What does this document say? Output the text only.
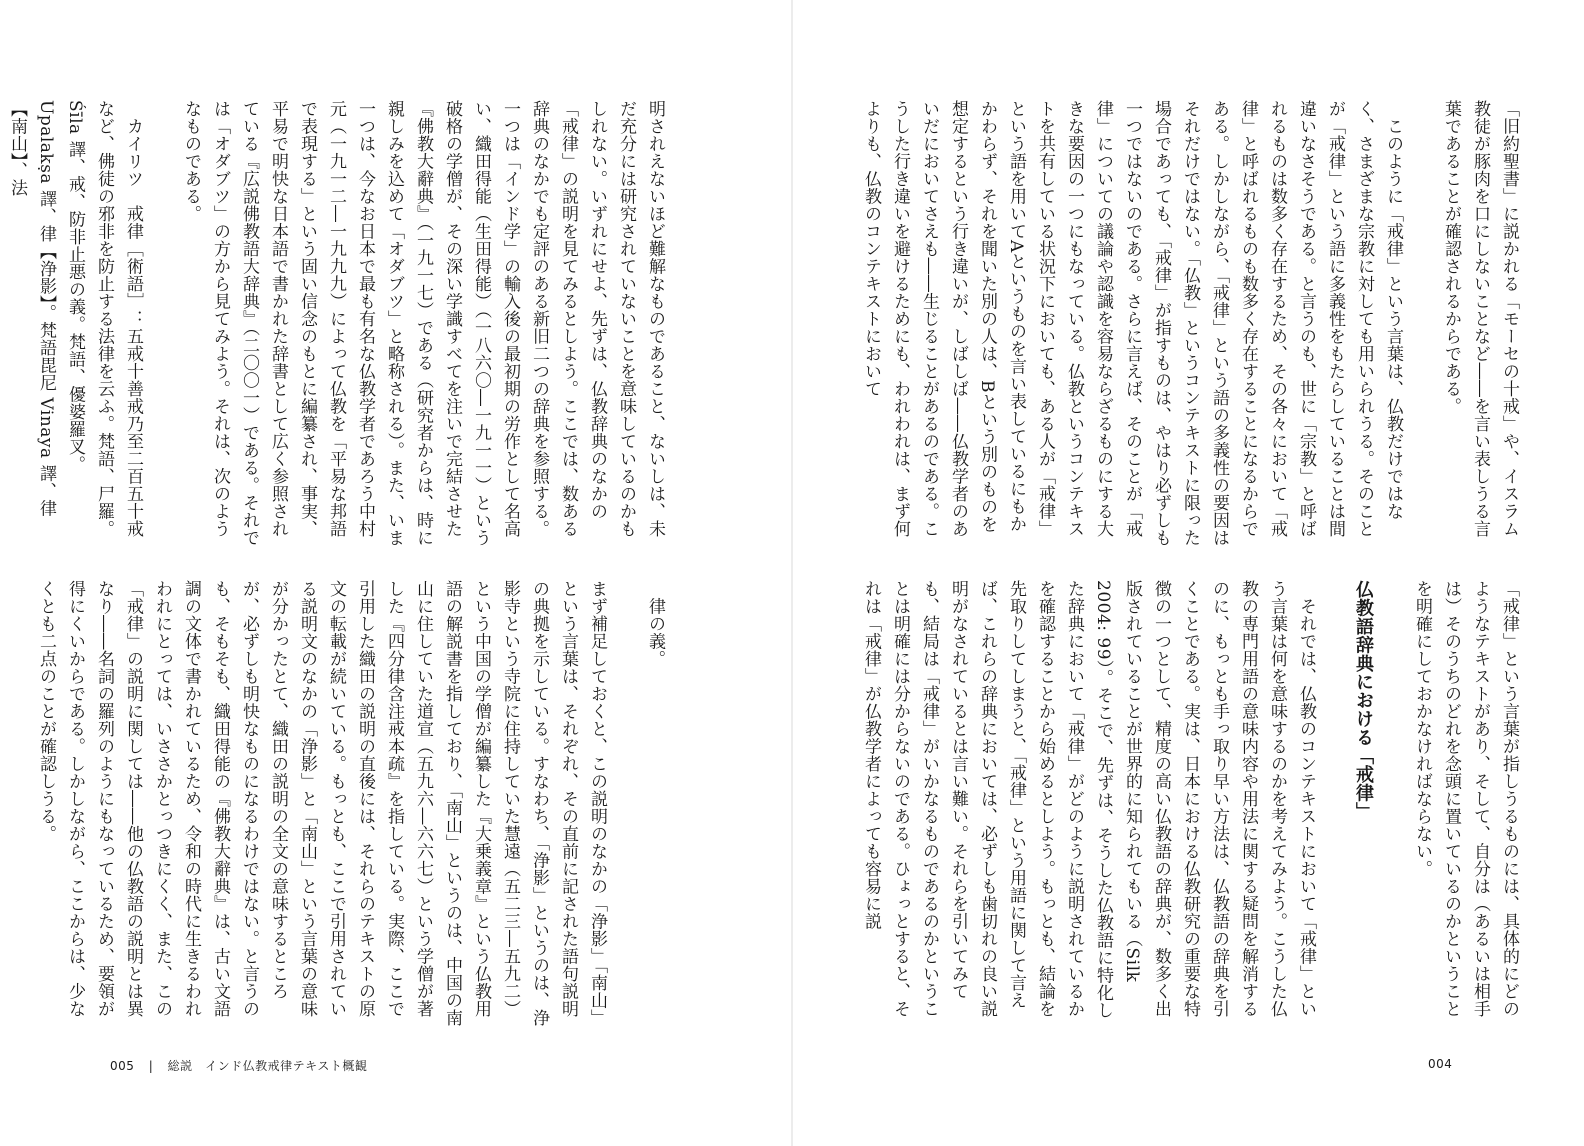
「旧約聖書」に説かれる「モーセの十戒」や、イスラム教徒が豚肉を口にしないことなど――を言い表しうる言葉であることが確認されるからである。

　このように「戒律」という言葉は、仏教だけではなく、さまざまな宗教に対しても用いられうる。そのことが「戒律」という語に多義性をもたらしていることは間違いなさそうである。と言うのも、世に「宗教」と呼ばれるものは数多く存在するため、その各々において「戒律」と呼ばれるものも数多く存在することになるからである。しかしながら、「戒律」という語の多義性の要因はそれだけではない。「仏教」というコンテキストに限った場合であっても、「戒律」が指すものは、やはり必ずしも一つではないのである。さらに言えば、そのことが「戒律」についての議論や認識を容易ならざるものにする大きな要因の一つにもなっている。仏教というコンテキストを共有している状況下においても、ある人が「戒律」という語を用いてAというものを言い表しているにもかかわらず、それを聞いた別の人は、Bという別のものを想定するという行き違いが、しばしば――仏教学者のあいだにおいてさえも――生じることがあるのである。こうした行き違いを避けるためにも、われわれは、まず何よりも、仏教のコンテキストにおいて

「戒律」という言葉が指しうるものには、具体的にどのようなテキストがあり、そして、自分は（あるいは相手は）そのうちのどれを念頭に置いているのかということを明確にしておかなければならない。

仏教語辞典における「戒律」

　それでは、仏教のコンテキストにおいて「戒律」という言葉は何を意味するのかを考えてみよう。こうした仏教の専門用語の意味内容や用法に関する疑問を解消するのに、もっとも手っ取り早い方法は、仏教語の辞典を引くことである。実は、日本における仏教研究の重要な特徴の一つとして、精度の高い仏教語の辞典が、数多く出版されていることが世界的に知られてもいる（Silk 2004: 99）。そこで、先ずは、そうした仏教語に特化した辞典において「戒律」がどのように説明されているかを確認することから始めるとしよう。もっとも、結論を先取りしてしまうと、「戒律」という用語に関して言えば、これらの辞典においては、必ずしも歯切れの良い説明がなされているとは言い難い。それらを引いてみても、結局は「戒律」がいかなるものであるのかということは明確には分からないのである。ひょっとすると、それは「戒律」が仏教学者によっても容易に説

004

明されえないほど難解なものであること、ないしは、未だ充分には研究されていないことを意味しているのかもしれない。いずれにせよ、先ずは、仏教辞典のなかの「戒律」の説明を見てみるとしよう。ここでは、数ある辞典のなかでも定評のある新旧二つの辞典を参照する。一つは「インド学」の輸入後の最初期の労作として名高い、織田得能（生田得能）（一八六〇―一九一一）という破格の学僧が、その深い学識すべてを注いで完結させた『佛教大辭典』（一九一七）である（研究者からは、時に親しみを込めて「オダブツ」と略称される）。また、いま一つは、今なお日本で最も有名な仏教学者であろう中村元（一九一二―一九九九）によって仏教を「平易な邦語で表現する」という固い信念のもとに編纂され、事実、平易で明快な日本語で書かれた辞書として広く参照されている『広説佛教語大辞典』（二〇〇一）である。それでは「オダブツ」の方から見てみよう。それは、次のようなものである。

　カイリツ　戒律［術語］：五戒十善戒乃至二百五十戒など、佛徒の邪非を防止する法律を云ふ。梵語、尸羅。Śīla 譯、戒、防非止悪の義。梵語、優婆羅叉。Upalakṣa 譯、律【浄影】。梵語毘尼 Vinaya 譯、律【南山】、法

　律の義。

まず補足しておくと、この説明のなかの「浄影」「南山」という言葉は、それぞれ、その直前に記された語句説明の典拠を示している。すなわち、「浄影」というのは、浄影寺という寺院に住持していた慧遠（五二三―五九二）という中国の学僧が編纂した『大乗義章』という仏教用語の解説書を指しており、「南山」というのは、中国の南山に住していた道宣（五九六―六六七）という学僧が著した『四分律含注戒本疏』を指している。実際、ここで引用した織田の説明の直後には、それらのテキストの原文の転載が続いている。もっとも、ここで引用されている説明文のなかの「浄影」と「南山」という言葉の意味が分かったとて、織田の説明の全文の意味するところが、必ずしも明快なものになるわけではない。と言うのも、そもそも、織田得能の『佛教大辭典』は、古い文語調の文体で書かれているため、令和の時代に生きるわれわれにとっては、いささかとっつきにくく、また、この「戒律」の説明に関しては――他の仏教語の説明とは異なり――名詞の羅列のようにもなっているため、要領が得にくいからである。しかしながら、ここからは、少なくとも二点のことが確認しうる。

005 | 総説　インド仏教戒律テキスト概観
